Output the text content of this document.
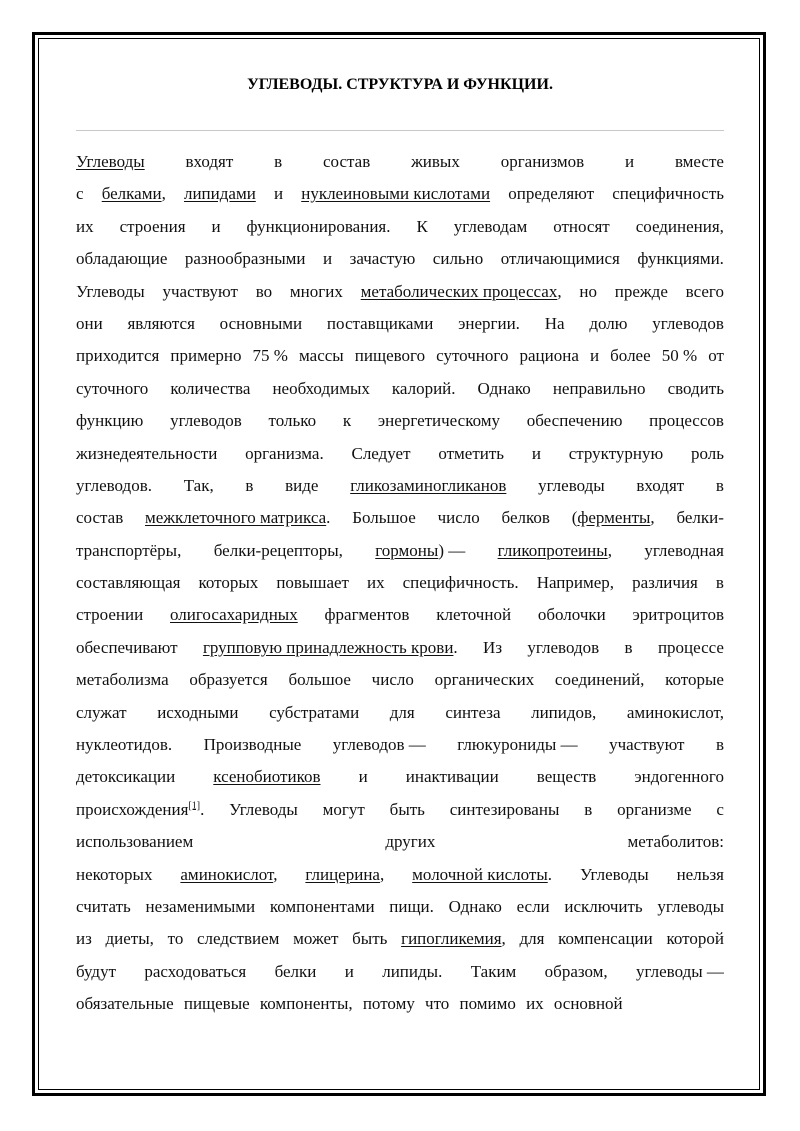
УГЛЕВОДЫ. СТРУКТУРА И ФУНКЦИИ.
Углеводы входят в состав живых организмов и вместе
с белками, липидами и нуклеиновыми кислотами определяют специфичность
их строения и функционирования. К углеводам относят соединения,
обладающие разнообразными и зачастую сильно отличающимися функциями.
Углеводы участвуют во многих метаболических процессах, но прежде всего
они являются основными поставщиками энергии. На долю углеводов
приходится примерно 75 % массы пищевого суточного рациона и более 50 % от
суточного количества необходимых калорий. Однако неправильно сводить
функцию углеводов только к энергетическому обеспечению процессов
жизнедеятельности организма. Следует отметить и структурную роль
углеводов. Так, в виде гликозаминогликанов углеводы входят в
состав межклеточного матрикса. Большое число белков (ферменты, белки-
транспортёры, белки-рецепторы, гормоны) — гликопротеины, углеводная
составляющая которых повышает их специфичность. Например, различия в
строении олигосахаридных фрагментов клеточной оболочки эритроцитов
обеспечивают групповую принадлежность крови. Из углеводов в процессе
метаболизма образуется большое число органических соединений, которые
служат исходными субстратами для синтеза липидов, аминокислот,
нуклеотидов. Производные углеводов — глюкурониды — участвуют в
детоксикации ксенобиотиков и инактивации веществ эндогенного
происхождения[1]. Углеводы могут быть синтезированы в организме с
использованием	других	метаболитов:
некоторых аминокислот, глицерина, молочной кислоты. Углеводы нельзя
считать незаменимыми компонентами пищи. Однако если исключить углеводы
из диеты, то следствием может быть гипогликемия, для компенсации которой
будут расходоваться белки и липиды. Таким образом, углеводы —
обязательные пищевые компоненты, потому что помимо их основной
